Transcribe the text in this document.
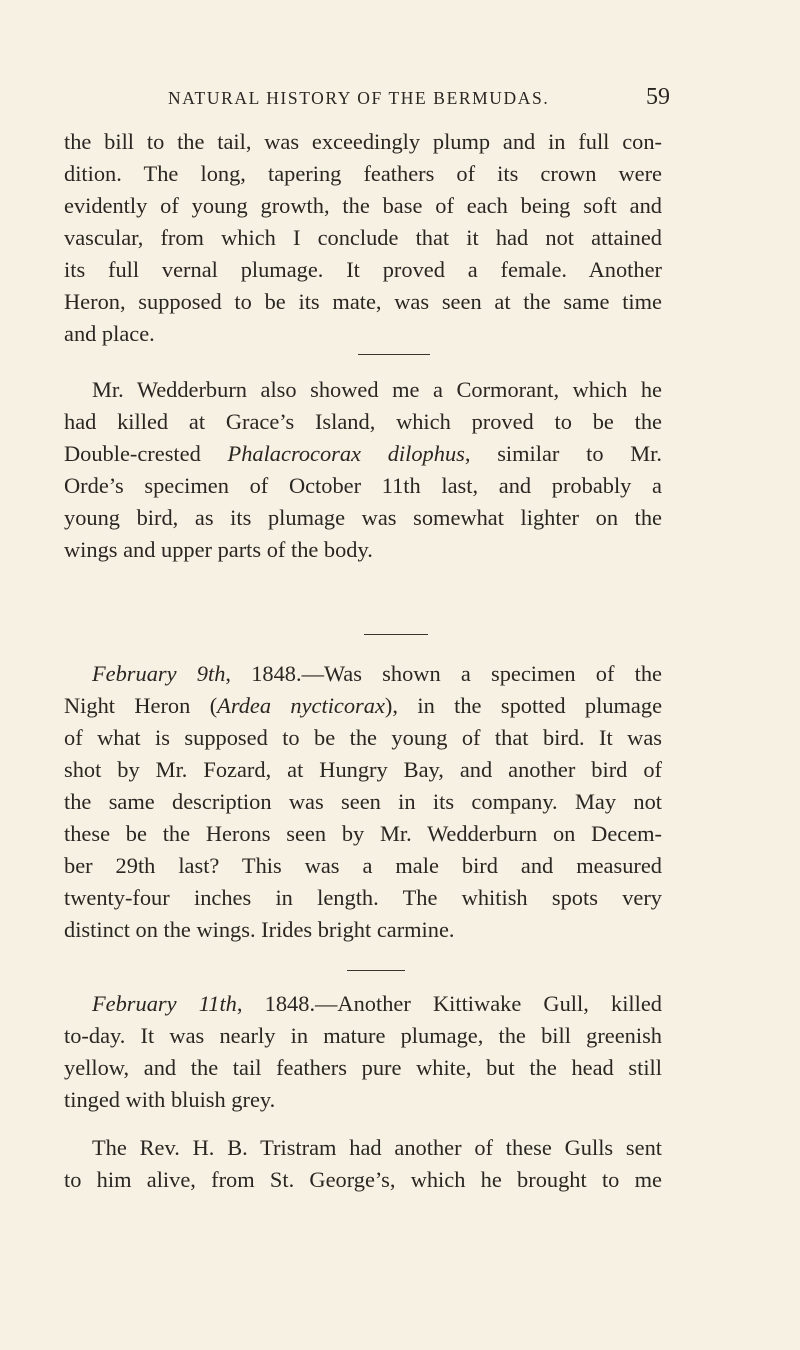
NATURAL HISTORY OF THE BERMUDAS.	59
the bill to the tail, was exceedingly plump and in full con-
dition. The long, tapering feathers of its crown were
evidently of young growth, the base of each being soft and
vascular, from which I conclude that it had not attained
its full vernal plumage. It proved a female. Another
Heron, supposed to be its mate, was seen at the same time
and place.
Mr. Wedderburn also showed me a Cormorant, which he
had killed at Grace’s Island, which proved to be the
Double-crested Phalacrocorax dilophus, similar to Mr.
Orde’s specimen of October 11th last, and probably a
young bird, as its plumage was somewhat lighter on the
wings and upper parts of the body.
February 9th, 1848.—Was shown a specimen of the
Night Heron (Ardea nycticorax), in the spotted plumage
of what is supposed to be the young of that bird. It was
shot by Mr. Fozard, at Hungry Bay, and another bird of
the same description was seen in its company. May not
these be the Herons seen by Mr. Wedderburn on Decem-
ber 29th last? This was a male bird and measured
twenty-four inches in length. The whitish spots very
distinct on the wings. Irides bright carmine.
February 11th, 1848.—Another Kittiwake Gull, killed
to-day. It was nearly in mature plumage, the bill greenish
yellow, and the tail feathers pure white, but the head still
tinged with bluish grey.
The Rev. H. B. Tristram had another of these Gulls sent
to him alive, from St. George’s, which he brought to me
